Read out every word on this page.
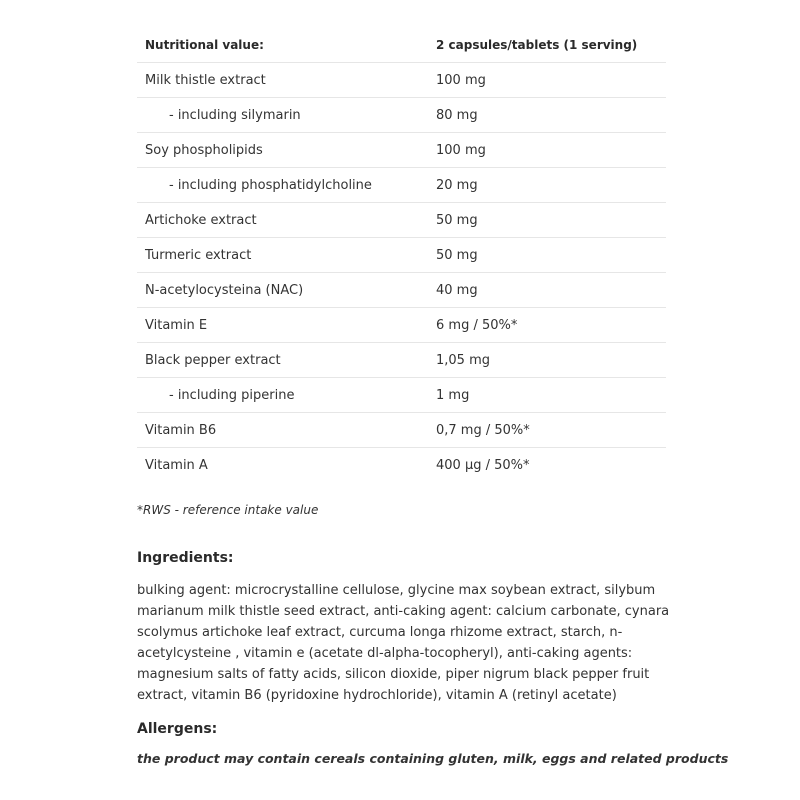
Nutritional value:	2 capsules/tablets (1 serving)
Milk thistle extract	100 mg
- including silymarin	80 mg
Soy phospholipids	100 mg
- including phosphatidylcholine	20 mg
Artichoke extract	50 mg
Turmeric extract	50 mg
N-acetylocysteina (NAC)	40 mg
Vitamin E	6 mg / 50%*
Black pepper extract	1,05 mg
- including piperine	1 mg
Vitamin B6	0,7 mg / 50%*
Vitamin A	400 µg / 50%*
*RWS - reference intake value
Ingredients:
bulking agent: microcrystalline cellulose, glycine max soybean extract, silybum marianum milk thistle seed extract, anti-caking agent: calcium carbonate, cynara scolymus artichoke leaf extract, curcuma longa rhizome extract, starch, n- acetylcysteine , vitamin e (acetate dl-alpha-tocopheryl), anti-caking agents: magnesium salts of fatty acids, silicon dioxide, piper nigrum black pepper fruit extract, vitamin B6 (pyridoxine hydrochloride), vitamin A (retinyl acetate)
Allergens:
the product may contain cereals containing gluten, milk, eggs and related products
